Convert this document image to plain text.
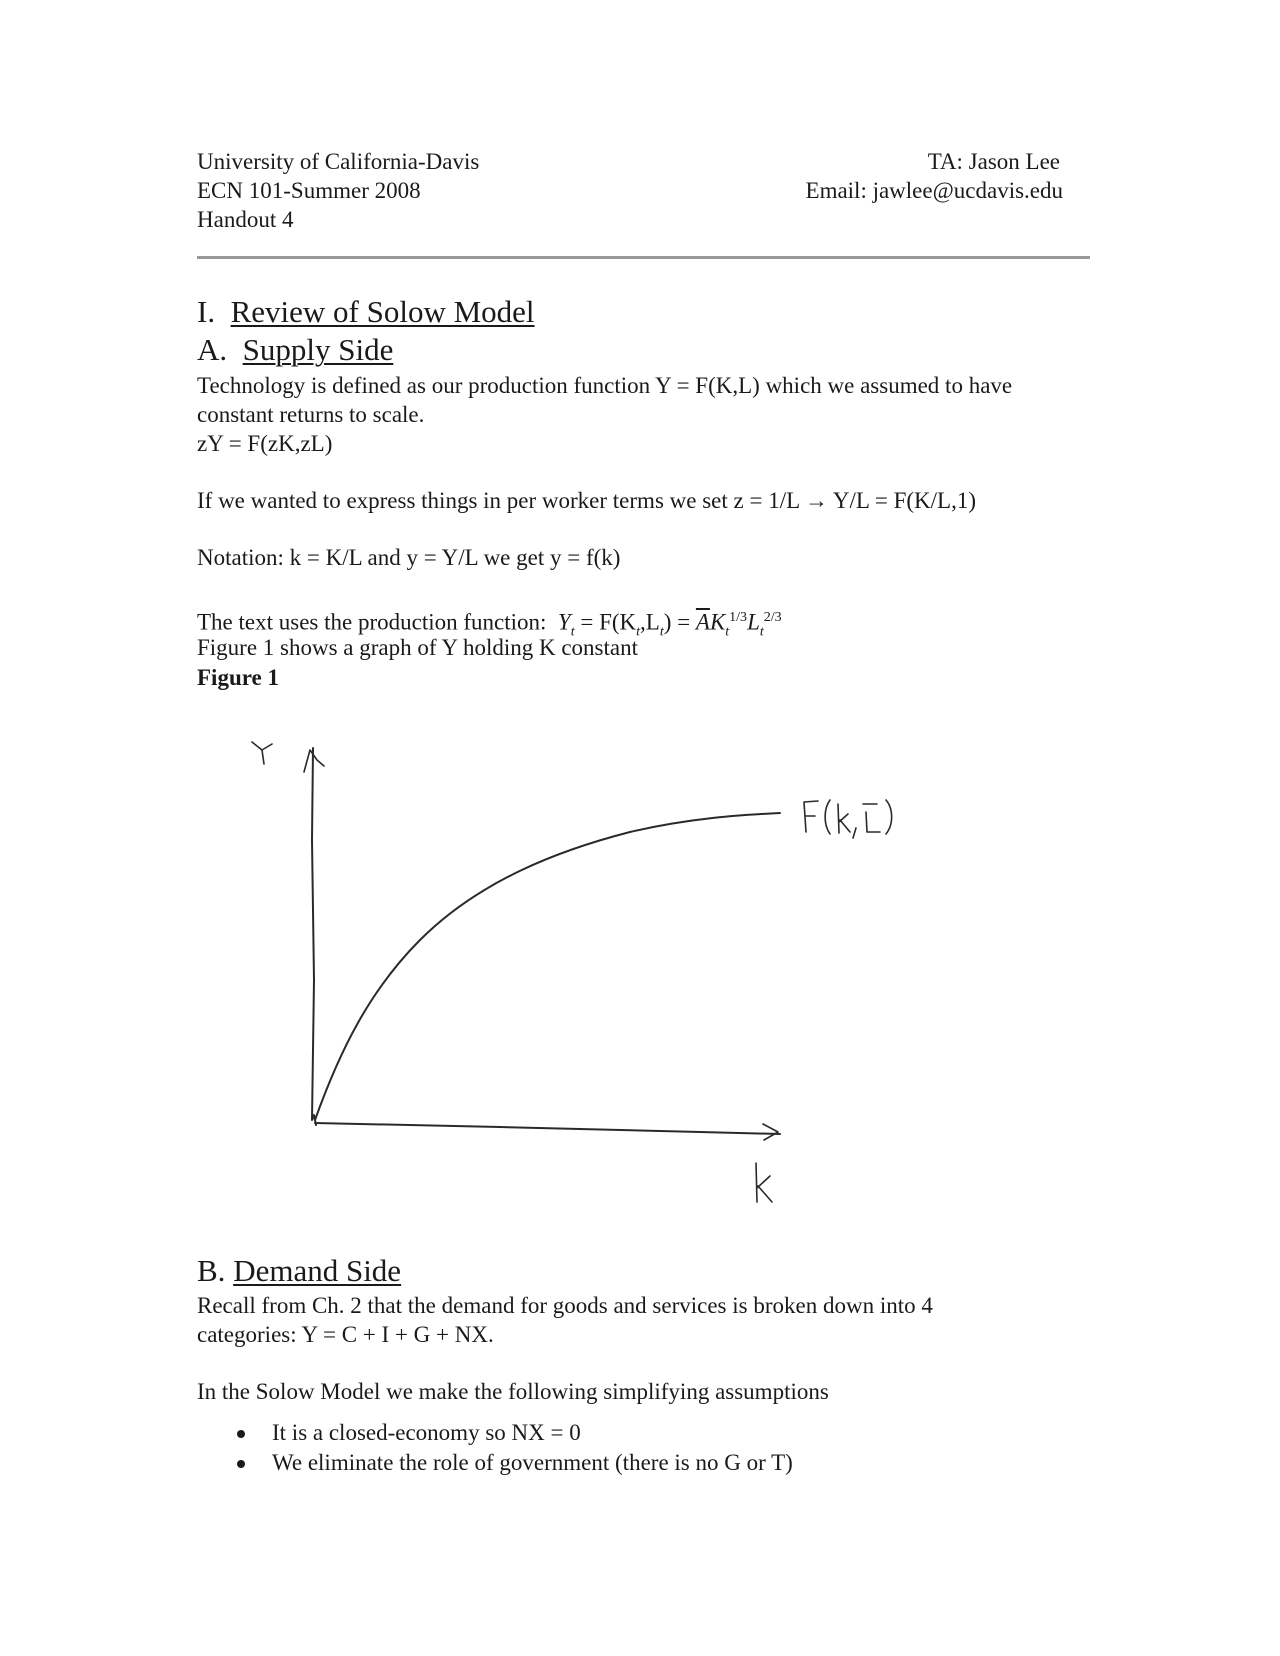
University of California-Davis
ECN 101-Summer 2008
Handout 4
TA: Jason Lee
Email: jawlee@ucdavis.edu
I. Review of Solow Model
A. Supply Side
Technology is defined as our production function Y = F(K,L) which we assumed to have
constant returns to scale.
zY = F(zK,zL)
If we wanted to express things in per worker terms we set z = 1/L → Y/L = F(K/L,1)
Notation: k = K/L and y = Y/L we get y = f(k)
The text uses the production function: $Y_t = F(K_t,L_t) = \overline{A}K_t^{1/3}L_t^{2/3}$
Figure 1 shows a graph of Y holding K constant
Figure 1
Y
k
F(k,L)
B. Demand Side
Recall from Ch. 2 that the demand for goods and services is broken down into 4
categories: Y = C + I + G + NX.
In the Solow Model we make the following simplifying assumptions
It is a closed-economy so NX = 0
We eliminate the role of government (there is no G or T)
